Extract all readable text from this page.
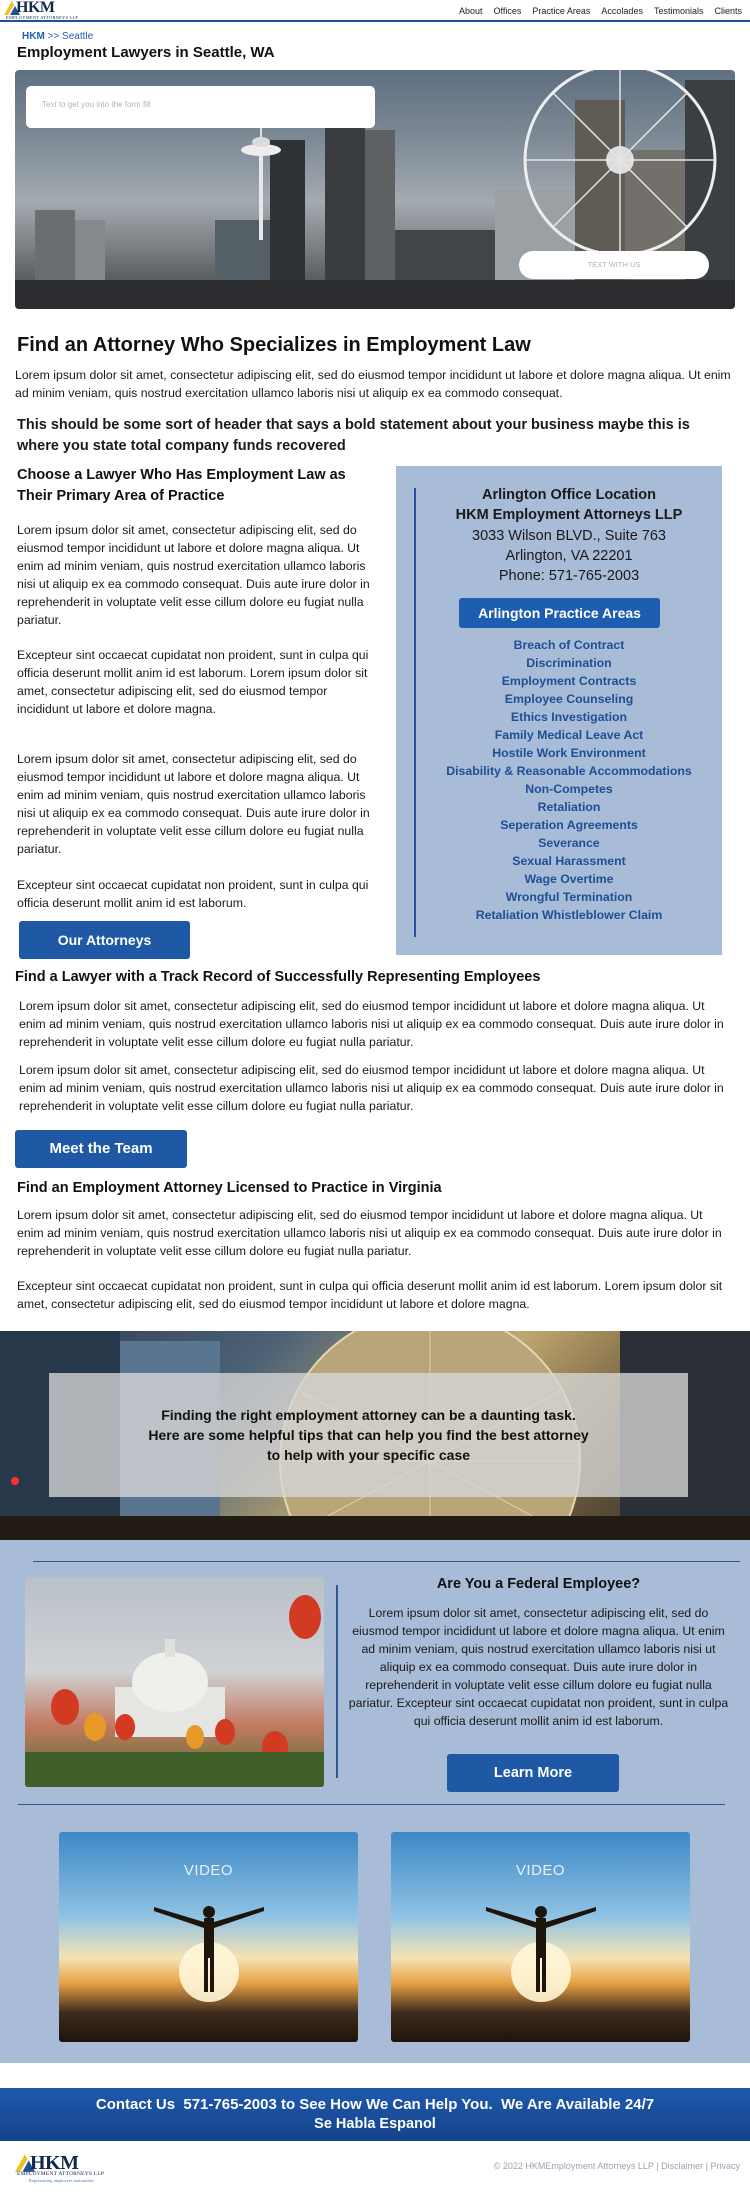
HKM
EMPLOYMENT ATTORNEYS LLP
About Offices Practice Areas Accolades Testimonials Clients
HKM >> Seattle
Employment Lawyers in Seattle, WA
Text to get you into the form fill
TEXT WITH US
Find an Attorney Who Specializes in Employment Law
Lorem ipsum dolor sit amet, consectetur adipiscing elit, sed do eiusmod tempor incididunt ut labore et dolore magna aliqua. Ut enim ad minim veniam, quis nostrud exercitation ullamco laboris nisi ut aliquip ex ea commodo consequat.
This should be some sort of header that says a bold statement about your business maybe this is where you state total company funds recovered
Choose a Lawyer Who Has Employment Law as Their Primary Area of Practice
Lorem ipsum dolor sit amet, consectetur adipiscing elit, sed do eiusmod tempor incididunt ut labore et dolore magna aliqua. Ut enim ad minim veniam, quis nostrud exercitation ullamco laboris nisi ut aliquip ex ea commodo consequat. Duis aute irure dolor in reprehenderit in voluptate velit esse cillum dolore eu fugiat nulla pariatur.
Excepteur sint occaecat cupidatat non proident, sunt in culpa qui officia deserunt mollit anim id est laborum. Lorem ipsum dolor sit amet, consectetur adipiscing elit, sed do eiusmod tempor incididunt ut labore et dolore magna.
Lorem ipsum dolor sit amet, consectetur adipiscing elit, sed do eiusmod tempor incididunt ut labore et dolore magna aliqua. Ut enim ad minim veniam, quis nostrud exercitation ullamco laboris nisi ut aliquip ex ea commodo consequat. Duis aute irure dolor in reprehenderit in voluptate velit esse cillum dolore eu fugiat nulla pariatur.
Excepteur sint occaecat cupidatat non proident, sunt in culpa qui officia deserunt mollit anim id est laborum.
Our Attorneys
Arlington Office Location
HKM Employment Attorneys LLP
3033 Wilson BLVD., Suite 763
Arlington, VA 22201
Phone: 571-765-2003
Arlington Practice Areas
Breach of Contract
Discrimination
Employment Contracts
Employee Counseling
Ethics Investigation
Family Medical Leave Act
Hostile Work Environment
Disability & Reasonable Accommodations
Non-Competes
Retaliation
Seperation Agreements
Severance
Sexual Harassment
Wage Overtime
Wrongful Termination
Retaliation Whistleblower Claim
Find a Lawyer with a Track Record of Successfully Representing Employees
Lorem ipsum dolor sit amet, consectetur adipiscing elit, sed do eiusmod tempor incididunt ut labore et dolore magna aliqua. Ut enim ad minim veniam, quis nostrud exercitation ullamco laboris nisi ut aliquip ex ea commodo consequat. Duis aute irure dolor in reprehenderit in voluptate velit esse cillum dolore eu fugiat nulla pariatur.
Lorem ipsum dolor sit amet, consectetur adipiscing elit, sed do eiusmod tempor incididunt ut labore et dolore magna aliqua. Ut enim ad minim veniam, quis nostrud exercitation ullamco laboris nisi ut aliquip ex ea commodo consequat. Duis aute irure dolor in reprehenderit in voluptate velit esse cillum dolore eu fugiat nulla pariatur.
Meet the Team
Find an Employment Attorney Licensed to Practice in Virginia
Lorem ipsum dolor sit amet, consectetur adipiscing elit, sed do eiusmod tempor incididunt ut labore et dolore magna aliqua. Ut enim ad minim veniam, quis nostrud exercitation ullamco laboris nisi ut aliquip ex ea commodo consequat. Duis aute irure dolor in reprehenderit in voluptate velit esse cillum dolore eu fugiat nulla pariatur.
Excepteur sint occaecat cupidatat non proident, sunt in culpa qui officia deserunt mollit anim id est laborum. Lorem ipsum dolor sit amet, consectetur adipiscing elit, sed do eiusmod tempor incididunt ut labore et dolore magna.
Finding the right employment attorney can be a daunting task.
Here are some helpful tips that can help you find the best attorney
to help with your specific case
Are You a Federal Employee?
Lorem ipsum dolor sit amet, consectetur adipiscing elit, sed do eiusmod tempor incididunt ut labore et dolore magna aliqua. Ut enim ad minim veniam, quis nostrud exercitation ullamco laboris nisi ut aliquip ex ea commodo consequat. Duis aute irure dolor in reprehenderit in voluptate velit esse cillum dolore eu fugiat nulla pariatur. Excepteur sint occaecat cupidatat non proident, sunt in culpa qui officia deserunt mollit anim id est laborum.
Learn More
VIDEO	VIDEO
Contact Us  571-765-2003 to See How We Can Help You.  We Are Available 24/7
Se Habla Espanol
HKM
EMPLOYMENT ATTORNEYS LLP
Representing employees nationwide
© 2022 HKMEmployment Attorneys LLP | Disclaimer | Privacy
